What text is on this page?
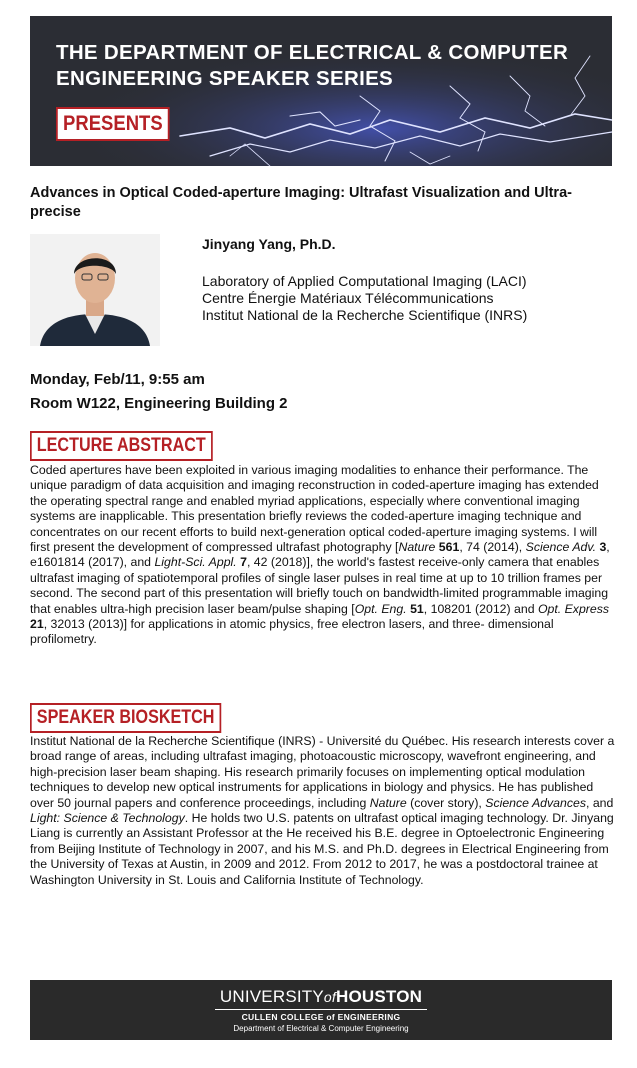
THE DEPARTMENT OF ELECTRICAL & COMPUTER
ENGINEERING SPEAKER SERIES
PRESENTS
Advances in Optical Coded-aperture Imaging: Ultrafast Visualization and Ultra-precise
Jinyang Yang, Ph.D.
Laboratory of Applied Computational Imaging (LACI)
Centre Énergie Matériaux Télécommunications
Institut National de la Recherche Scientifique (INRS)
Monday, Feb/11, 9:55 am
Room W122, Engineering Building 2
LECTURE ABSTRACT
Coded apertures have been exploited in various imaging modalities to enhance their performance. The unique paradigm of data acquisition and imaging reconstruction in coded-aperture imaging has extended the operating spectral range and enabled myriad applications, especially where conventional imaging systems are inapplicable. This presentation briefly reviews the coded-aperture imaging technique and concentrates on our recent efforts to build next-generation optical coded-aperture imaging systems. I will first present the development of compressed ultrafast photography [Nature 561, 74 (2014), Science Adv. 3, e1601814 (2017), and Light-Sci. Appl. 7, 42 (2018)], the world's fastest receive-only camera that enables ultrafast imaging of spatiotemporal profiles of single laser pulses in real time at up to 10 trillion frames per second. The second part of this presentation will briefly touch on bandwidth-limited programmable imaging that enables ultra-high precision laser beam/pulse shaping [Opt. Eng. 51, 108201 (2012) and Opt. Express 21, 32013 (2013)] for applications in atomic physics, free electron lasers, and three- dimensional profilometry.
SPEAKER BIOSKETCH
Institut National de la Recherche Scientifique (INRS) - Université du Québec. His research interests cover a broad range of areas, including ultrafast imaging, photoacoustic microscopy, wavefront engineering, and high-precision laser beam shaping. His research primarily focuses on implementing optical modulation techniques to develop new optical instruments for applications in biology and physics. He has published over 50 journal papers and conference proceedings, including Nature (cover story), Science Advances, and Light: Science & Technology. He holds two U.S. patents on ultrafast optical imaging technology. Dr. Jinyang Liang is currently an Assistant Professor at the He received his B.E. degree in Optoelectronic Engineering from Beijing Institute of Technology in 2007, and his M.S. and Ph.D. degrees in Electrical Engineering from the University of Texas at Austin, in 2009 and 2012. From 2012 to 2017, he was a postdoctoral trainee at Washington University in St. Louis and California Institute of Technology.
UNIVERSITYofHOUSTON
CULLEN COLLEGE of ENGINEERING
Department of Electrical & Computer Engineering
